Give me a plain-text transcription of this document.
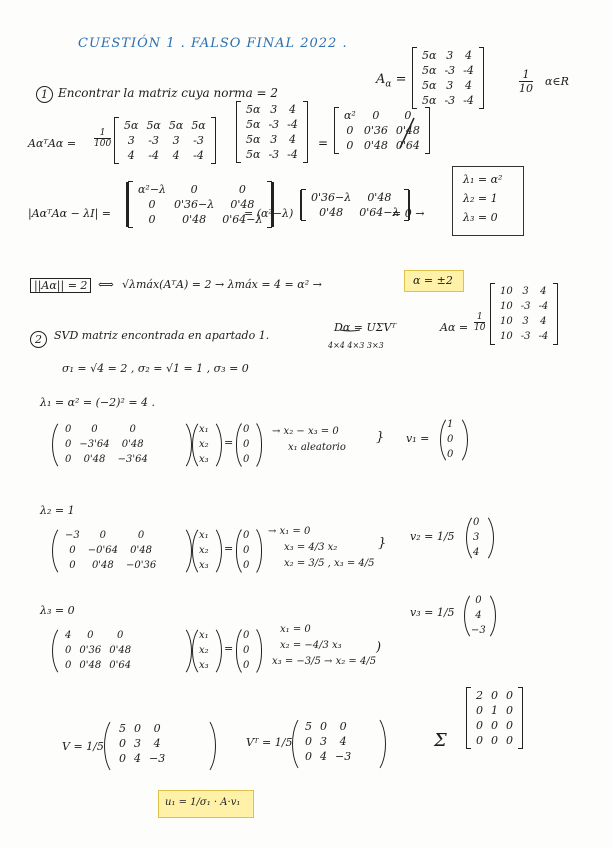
CUESTIÓN 1 . FALSO FINAL 2022 .
1 Encontrar la matriz cuya norma = 2
$A_\alpha$ =
5α	3	4
5α	-3	-4
5α	3	4
5α	-3	-4
1
10
α∈R
AαᵀAα =
1
100
5α	5α	5α	5α
3	-3	3	-3
4	-4	4	-4
5α	3	4
5α	-3	-4
5α	3	4
5α	-3	-4
=
α²	0	0
0	0'36	0'48
0	0'48	0'64
|AαᵀAα − λI| =
α²−λ	0	0
0	0'36−λ	0'48
0	0'48	0'64−λ
= (α²−λ)
0'36−λ	0'48
0'48	0'64−λ
= 0 →
λ₁ = α²
λ₂ = 1
λ₃ = 0
||Aα|| = 2 ⟺ √λmáx(AᵀA) = 2 → λmáx = 4 = α² →	α = ±2
2	SVD matriz encontrada en apartado 1.
Dα = UΣVᵀ
4×4 4×3 3×3
Aα =
1
10
10	3	4
10	-3	-4
10	3	4
10	-3	-4
σ₁ = √4 = 2 , σ₂ = √1 = 1 , σ₃ = 0
λ₁ = α² = (−2)² = 4 .
0	0	0
0	−3'64	0'48
0	0'48	−3'64
x₁
x₂
x₃
=
0
0
0
→ x₂ − x₃ = 0
x₁ aleatorio
} v₁ =
1
0
0
λ₂ = 1
−3	0	0
0	−0'64	0'48
0	0'48	−0'36
x₁
x₂
x₃
=
0
0
0
→ x₁ = 0
x₃ = 4/3 x₂
x₂ = 3/5 , x₃ = 4/5
} v₂ = 1/5
0
3
4
λ₃ = 0
4	0	0
0	0'36	0'48
0	0'48	0'64
x₁
x₂
x₃
=
0
0
0
x₁ = 0
x₂ = −4/3 x₃
x₃ = −3/5 → x₂ = 4/5
)
v₃ = 1/5
0
4
−3
V = 1/5
5	0	0
0	3	4
0	4	−3
Vᵀ = 1/5
5	0	0
0	3	4
0	4	−3
Σ
2	0	0
0	1	0
0	0	0
0	0	0
u₁ = 1/σ₁ · A·v₁
